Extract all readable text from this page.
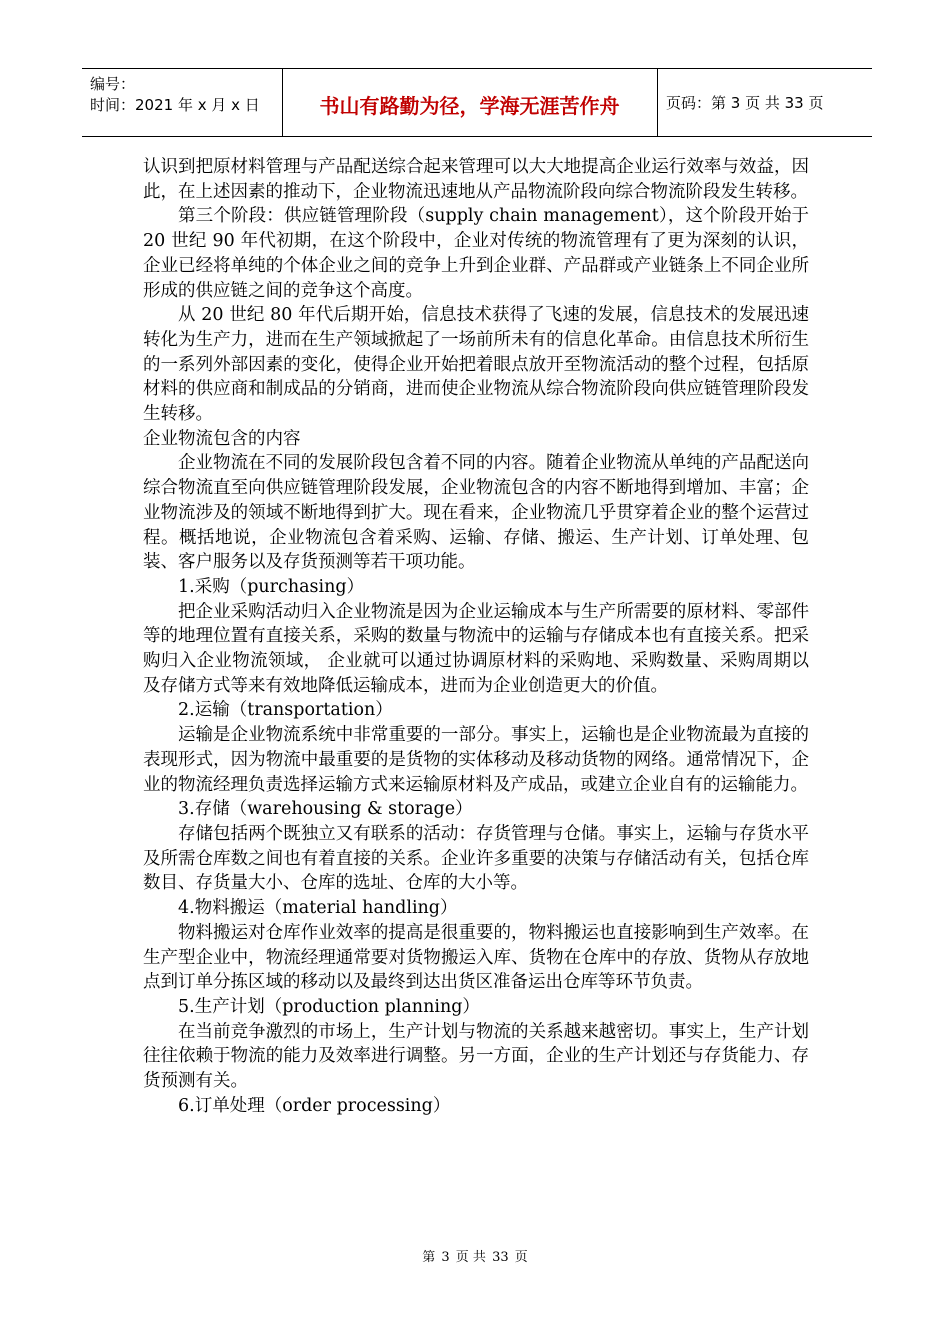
编号：
时间：2021 年 x 月 x 日	书山有路勤为径，学海无涯苦作舟	页码：第 3 页 共 33 页

认识到把原材料管理与产品配送综合起来管理可以大大地提高企业运行效率与效益，因此，在上述因素的推动下，企业物流迅速地从产品物流阶段向综合物流阶段发生转移。

第三个阶段：供应链管理阶段（supply chain management），这个阶段开始于 20 世纪 90 年代初期，在这个阶段中，企业对传统的物流管理有了更为深刻的认识，企业已经将单纯的个体企业之间的竞争上升到企业群、产品群或产业链条上不同企业所形成的供应链之间的竞争这个高度。

从 20 世纪 80 年代后期开始，信息技术获得了飞速的发展，信息技术的发展迅速转化为生产力，进而在生产领域掀起了一场前所未有的信息化革命。由信息技术所衍生的一系列外部因素的变化，使得企业开始把着眼点放开至物流活动的整个过程，包括原材料的供应商和制成品的分销商，进而使企业物流从综合物流阶段向供应链管理阶段发生转移。

企业物流包含的内容

企业物流在不同的发展阶段包含着不同的内容。随着企业物流从单纯的产品配送向综合物流直至向供应链管理阶段发展，企业物流包含的内容不断地得到增加、丰富；企业物流涉及的领域不断地得到扩大。现在看来，企业物流几乎贯穿着企业的整个运营过程。概括地说，企业物流包含着采购、运输、存储、搬运、生产计划、订单处理、包装、客户服务以及存货预测等若干项功能。

1.采购（purchasing）

把企业采购活动归入企业物流是因为企业运输成本与生产所需要的原材料、零部件等的地理位置有直接关系，采购的数量与物流中的运输与存储成本也有直接关系。把采购归入企业物流领域， 企业就可以通过协调原材料的采购地、采购数量、采购周期以及存储方式等来有效地降低运输成本，进而为企业创造更大的价值。

2.运输（transportation）

运输是企业物流系统中非常重要的一部分。事实上，运输也是企业物流最为直接的表现形式，因为物流中最重要的是货物的实体移动及移动货物的网络。通常情况下，企业的物流经理负责选择运输方式来运输原材料及产成品，或建立企业自有的运输能力。

3.存储（warehousing & storage）

存储包括两个既独立又有联系的活动：存货管理与仓储。事实上，运输与存货水平及所需仓库数之间也有着直接的关系。企业许多重要的决策与存储活动有关，包括仓库数目、存货量大小、仓库的选址、仓库的大小等。

4.物料搬运（material handling）

物料搬运对仓库作业效率的提高是很重要的，物料搬运也直接影响到生产效率。在生产型企业中，物流经理通常要对货物搬运入库、货物在仓库中的存放、货物从存放地点到订单分拣区域的移动以及最终到达出货区准备运出仓库等环节负责。

5.生产计划（production planning）

在当前竞争激烈的市场上，生产计划与物流的关系越来越密切。事实上，生产计划往往依赖于物流的能力及效率进行调整。另一方面，企业的生产计划还与存货能力、存货预测有关。

6.订单处理（order processing）

第 3 页 共 33 页
